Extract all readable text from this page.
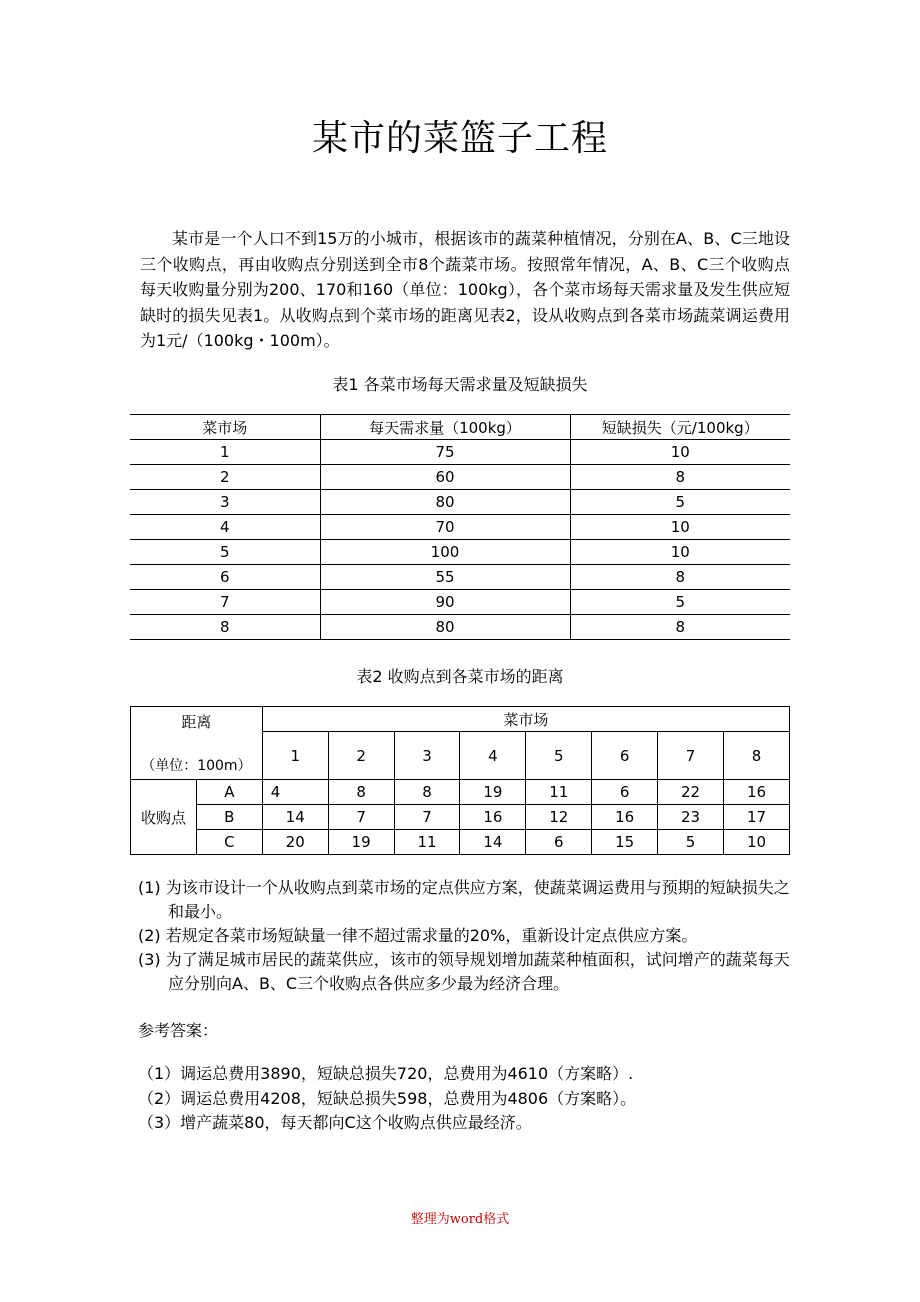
某市的菜篮子工程

某市是一个人口不到15万的小城市，根据该市的蔬菜种植情况，分别在A、B、C三地设三个收购点，再由收购点分别送到全市8个蔬菜市场。按照常年情况，A、B、C三个收购点每天收购量分别为200、170和160（单位：100kg），各个菜市场每天需求量及发生供应短缺时的损失见表1。从收购点到个菜市场的距离见表2，设从收购点到各菜市场蔬菜调运费用为1元/（100kg・100m）。

表1 各菜市场每天需求量及短缺损失
菜市场	每天需求量（100kg）	短缺损失（元/100kg）
1	75	10
2	60	8
3	80	5
4	70	10
5	100	10
6	55	8
7	90	5
8	80	8
表2 收购点到各菜市场的距离
距离
（单位：100m）		菜市场							
		1	2	3	4	5	6	7	8
收购点	A	4	8	8	19	11	6	22	16
	B	14	7	7	16	12	16	23	17
	C	20	19	11	14	6	15	5	10
(1) 为该市设计一个从收购点到菜市场的定点供应方案，使蔬菜调运费用与预期的短缺损失之和最小。
(2) 若规定各菜市场短缺量一律不超过需求量的20%，重新设计定点供应方案。
(3) 为了满足城市居民的蔬菜供应，该市的领导规划增加蔬菜种植面积，试问增产的蔬菜每天应分别向A、B、C三个收购点各供应多少最为经济合理。
参考答案：
（1）调运总费用3890，短缺总损失720，总费用为4610（方案略）.
（2）调运总费用4208，短缺总损失598，总费用为4806（方案略）。
（3）增产蔬菜80，每天都向C这个收购点供应最经济。
整理为word格式
